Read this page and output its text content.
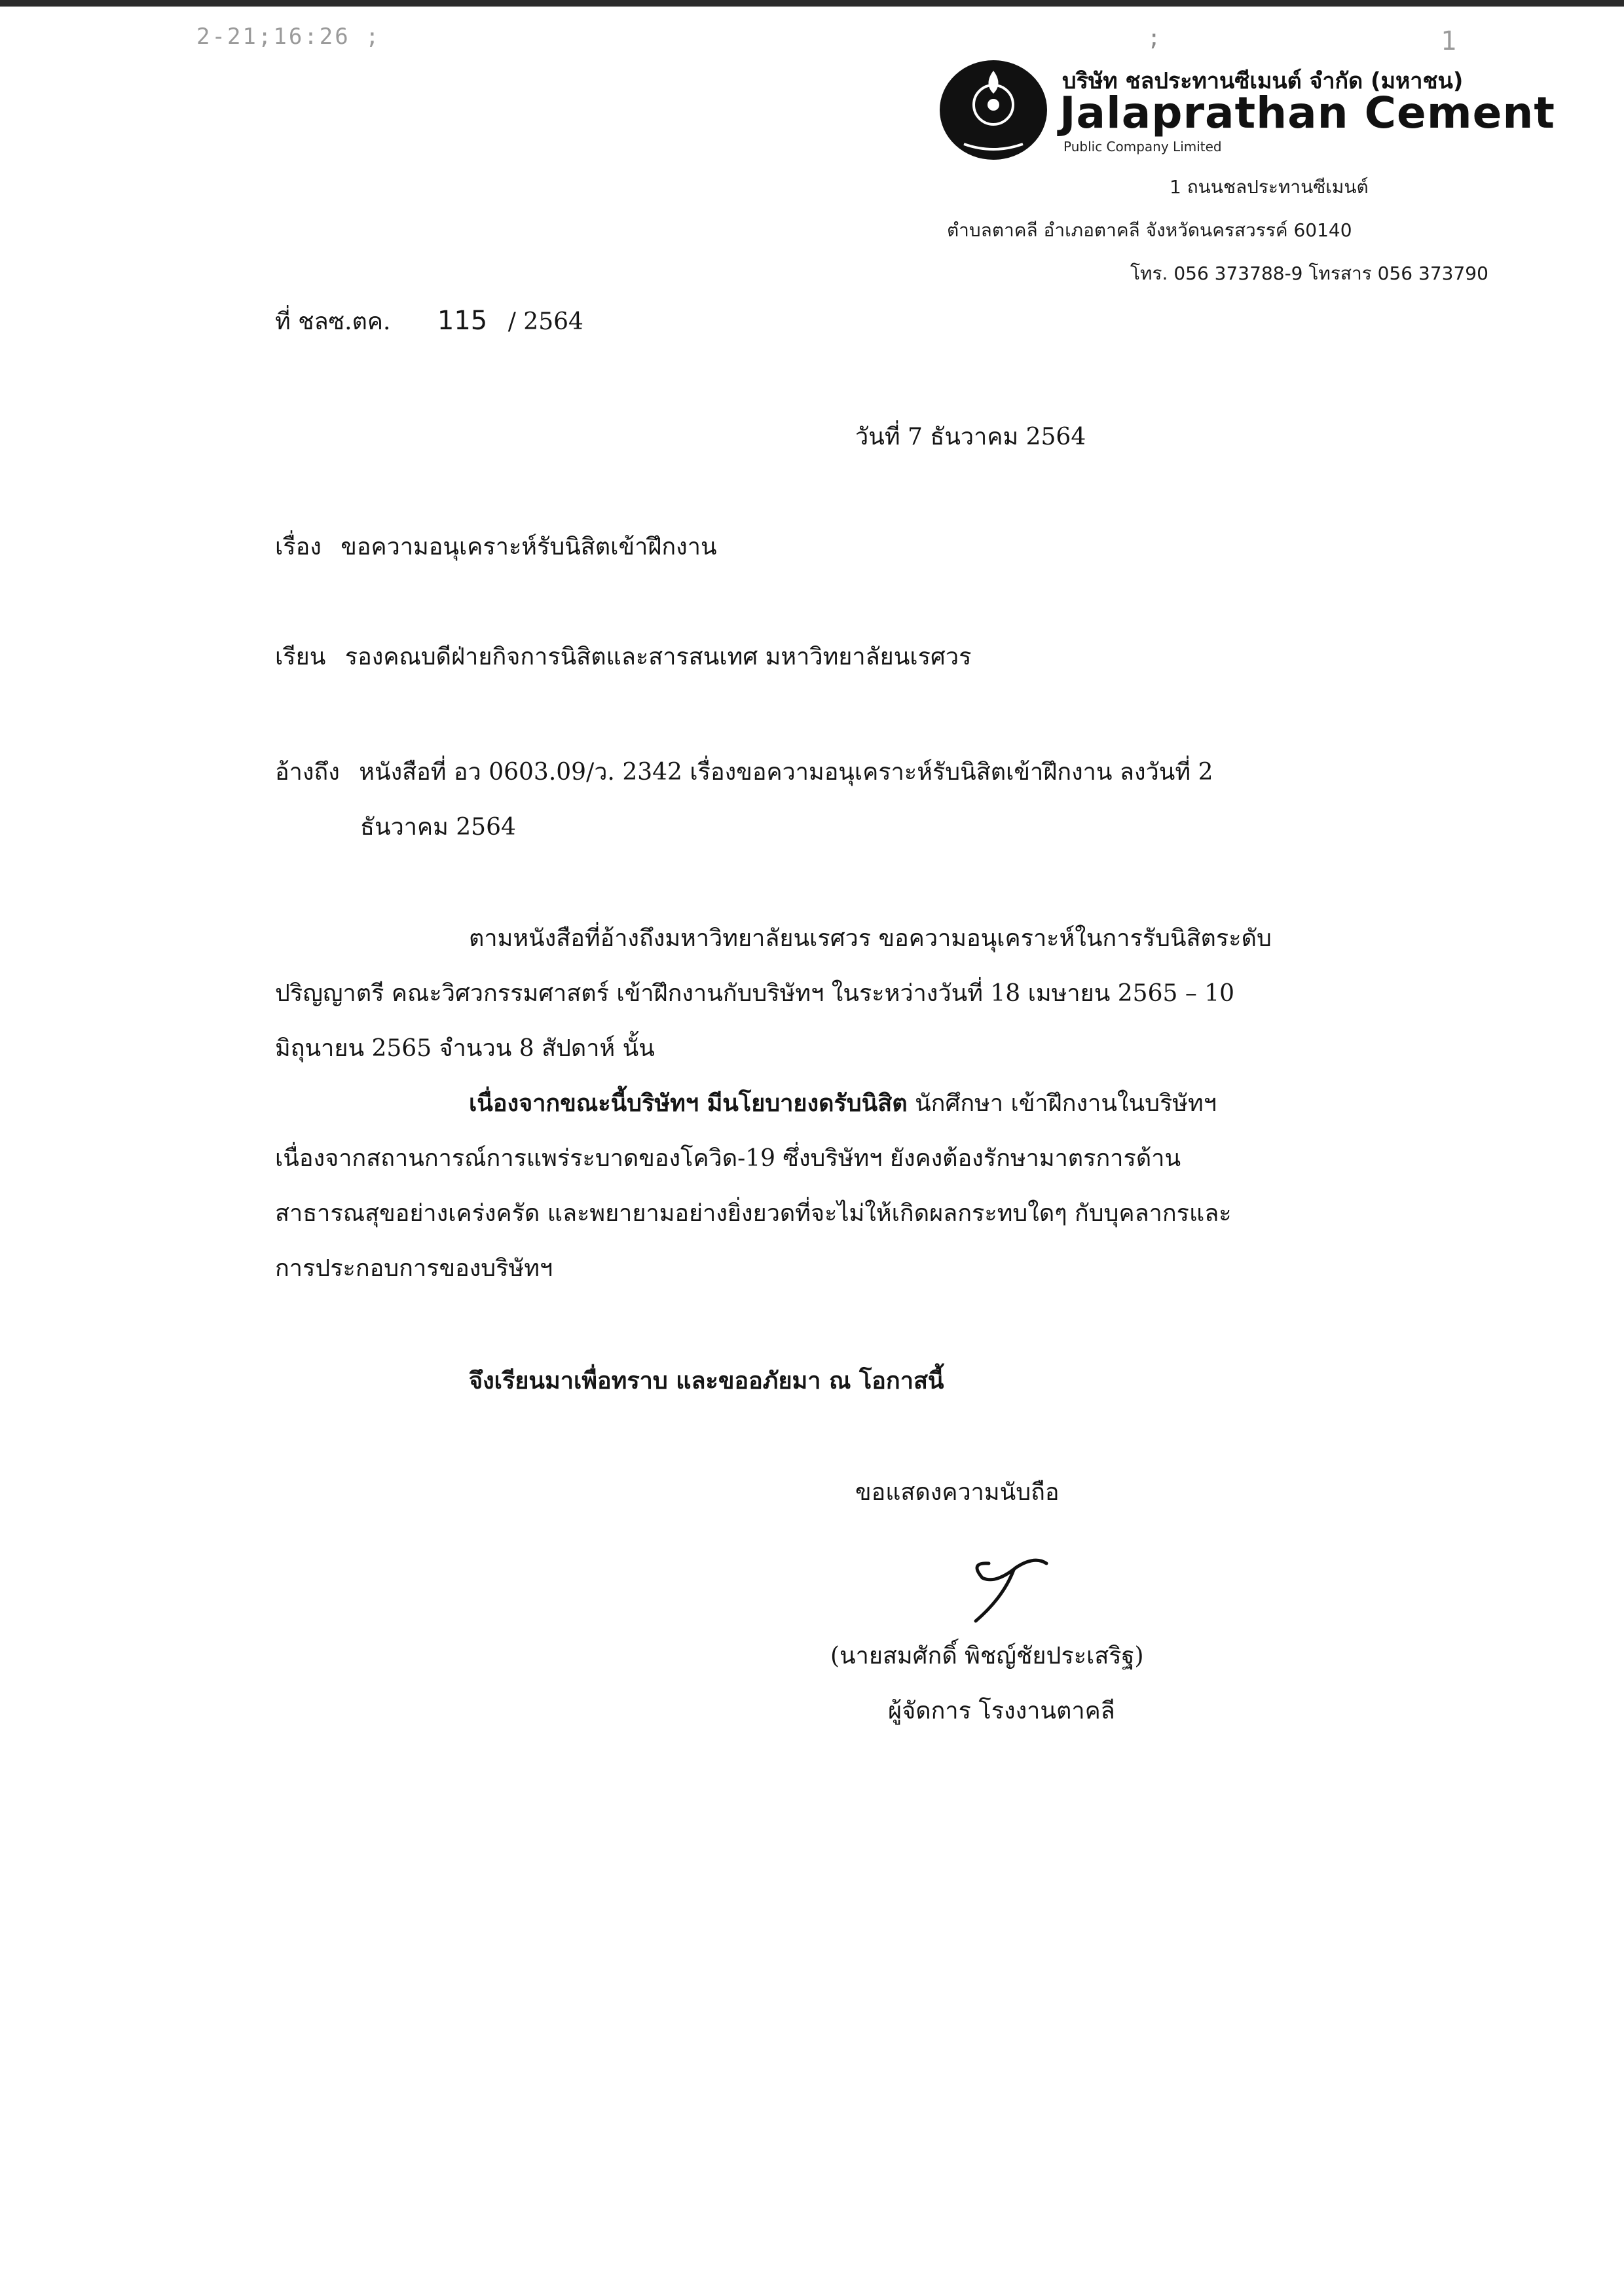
2-21;16:26 ;	;	1
บริษัท ชลประทานซีเมนต์ จำกัด (มหาชน)
Jalaprathan Cement
Public Company Limited
1 ถนนชลประทานซีเมนต์
ตำบลตาคลี อำเภอตาคลี จังหวัดนครสวรรค์ 60140
โทร. 056 373788-9 โทรสาร 056 373790
ที่ ชลซ.ตค. 115 / 2564
วันที่ 7 ธันวาคม 2564
เรื่อง ขอความอนุเคราะห์รับนิสิตเข้าฝึกงาน
เรียน รองคณบดีฝ่ายกิจการนิสิตและสารสนเทศ มหาวิทยาลัยนเรศวร
อ้างถึง หนังสือที่ อว 0603.09/ว. 2342 เรื่องขอความอนุเคราะห์รับนิสิตเข้าฝึกงาน ลงวันที่ 2
ธันวาคม 2564
ตามหนังสือที่อ้างถึงมหาวิทยาลัยนเรศวร ขอความอนุเคราะห์ในการรับนิสิตระดับ
ปริญญาตรี คณะวิศวกรรมศาสตร์ เข้าฝึกงานกับบริษัทฯ ในระหว่างวันที่ 18 เมษายน 2565 – 10
มิถุนายน 2565 จำนวน 8 สัปดาห์ นั้น
เนื่องจากขณะนี้บริษัทฯ มีนโยบายงดรับนิสิต นักศึกษา เข้าฝึกงานในบริษัทฯ
เนื่องจากสถานการณ์การแพร่ระบาดของโควิด-19 ซึ่งบริษัทฯ ยังคงต้องรักษามาตรการด้าน
สาธารณสุขอย่างเคร่งครัด และพยายามอย่างยิ่งยวดที่จะไม่ให้เกิดผลกระทบใดๆ กับบุคลากรและ
การประกอบการของบริษัทฯ
จึงเรียนมาเพื่อทราบ และขออภัยมา ณ โอกาสนี้
ขอแสดงความนับถือ
(นายสมศักดิ์ พิชญ์ชัยประเสริฐ)
ผู้จัดการ โรงงานตาคลี
